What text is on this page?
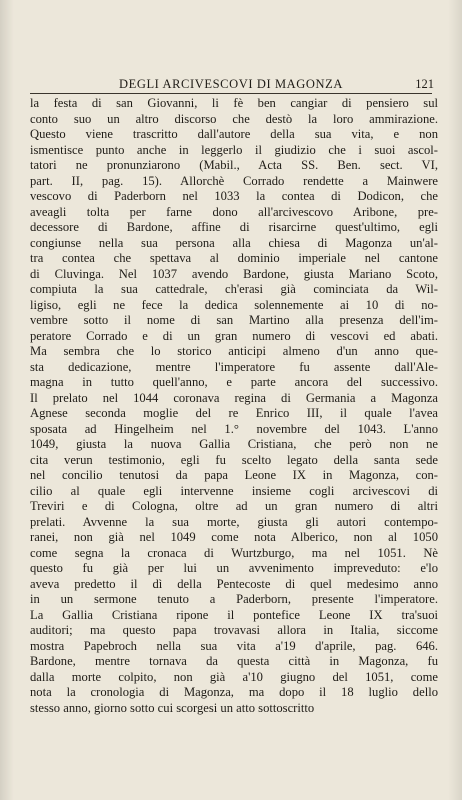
DEGLI ARCIVESCOVI DI MAGONZA	121
la festa di san Giovanni, li fè ben cangiar di pensiero sul
conto suo un altro discorso che destò la loro ammirazione.
Questo viene trascritto dall'autore della sua vita, e non
ismentisce punto anche in leggerlo il giudizio che i suoi ascol-
tatori ne pronunziarono (Mabil., Acta SS. Ben. sect. VI,
part. II, pag. 15). Allorchè Corrado rendette a Mainwere
vescovo di Paderborn nel 1033 la contea di Dodicon, che
aveagli tolta per farne dono all'arcivescovo Aribone, pre-
decessore di Bardone, affine di risarcirne quest'ultimo, egli
congiunse nella sua persona alla chiesa di Magonza un'al-
tra contea che spettava al dominio imperiale nel cantone
di Cluvinga. Nel 1037 avendo Bardone, giusta Mariano Scoto,
compiuta la sua cattedrale, ch'erasi già cominciata da Wil-
ligiso, egli ne fece la dedica solennemente ai 10 di no-
vembre sotto il nome di san Martino alla presenza dell'im-
peratore Corrado e di un gran numero di vescovi ed abati.
Ma sembra che lo storico anticipi almeno d'un anno que-
sta dedicazione, mentre l'imperatore fu assente dall'Ale-
magna in tutto quell'anno, e parte ancora del successivo.
Il prelato nel 1044 coronava regina di Germania a Magonza
Agnese seconda moglie del re Enrico III, il quale l'avea
sposata ad Hingelheim nel 1.° novembre del 1043. L'anno
1049, giusta la nuova Gallia Cristiana, che però non ne
cita verun testimonio, egli fu scelto legato della santa sede
nel concilio tenutosi da papa Leone IX in Magonza, con-
cilio al quale egli intervenne insieme cogli arcivescovi di
Treviri e di Cologna, oltre ad un gran numero di altri
prelati. Avvenne la sua morte, giusta gli autori contempo-
ranei, non già nel 1049 come nota Alberico, non al 1050
come segna la cronaca di Wurtzburgo, ma nel 1051. Nè
questo fu già per lui un avvenimento impreveduto: e'lo
aveva predetto il dì della Pentecoste di quel medesimo anno
in un sermone tenuto a Paderborn, presente l'imperatore.
La Gallia Cristiana ripone il pontefice Leone IX tra'suoi
auditori; ma questo papa trovavasi allora in Italia, siccome
mostra Papebroch nella sua vita a'19 d'aprile, pag. 646.
Bardone, mentre tornava da questa città in Magonza, fu
dalla morte colpito, non già a'10 giugno del 1051, come
nota la cronologia di Magonza, ma dopo il 18 luglio dello
stesso anno, giorno sotto cui scorgesi un atto sottoscritto
